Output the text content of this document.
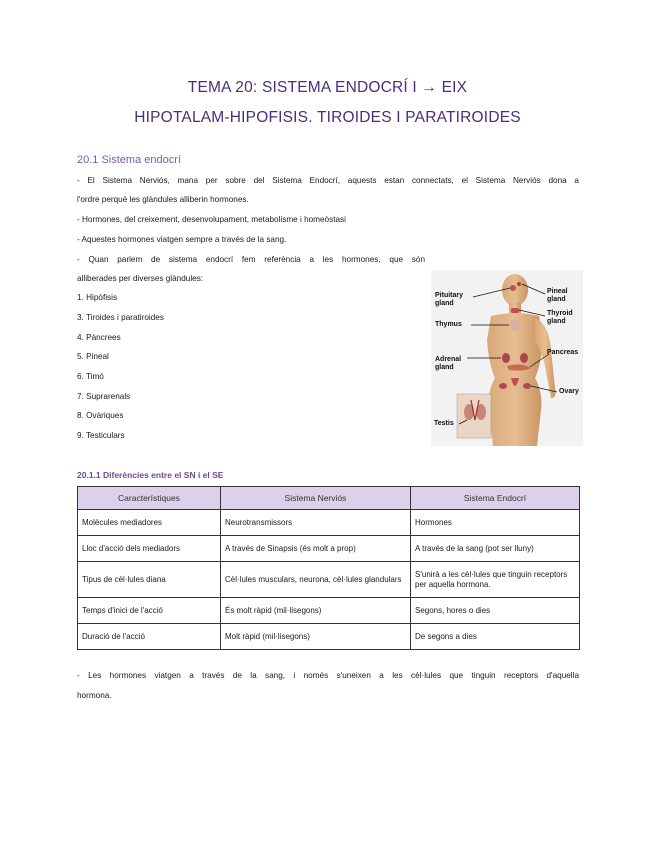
TEMA 20: SISTEMA ENDOCRÍ I → EIX
HIPOTALAM-HIPOFISIS. TIROIDES I PARATIROIDES
20.1 Sistema endocrí
- El Sistema Nerviós, mana per sobre del Sistema Endocrí, aquests estan connectats, el Sistema Nerviós dona a
l'ordre perquè les glàndules alliberin hormones.
- Hormones, del creixement, desenvolupament, metabolisme i homeòstasi
- Aquestes hormones viatgen sempre a través de la sang.
- Quan parlem de sistema endocrí fem referència a les hormones, que són
alliberades per diverses glàndules:
1. Hipòfisis
3. Tiroides i paratiroides
4. Pàncrees
5. Pineal
6. Timó
7. Suprarenals
8. Ovàriques
9. Testiculars
Pituitary
gland
Thymus
Adrenal
gland
Testis
Pineal
gland
Thyroid
gland
Pancreas
Ovary
20.1.1 Diferències entre el SN i el SE
Característiques	Sistema Nerviós	Sistema Endocrí
Molècules mediadores	Neurotransmissors	Hormones
Lloc d'acció dels mediadors	A través de Sinapsis (és molt a prop)	A través de la sang (pot ser lluny)
Tipus de cèl·lules diana	Cèl·lules musculars, neurona, cèl·lules glandulars	S'unirà a les cèl·lules que tinguin receptors per aquella hormona.
Temps d'inici de l'acció	És molt ràpid (mil·lisegons)	Segons, hores o dies
Duració de l'acció	Molt ràpid (mil·lisegons)	De segons a dies
- Les hormones viatgen a través de la sang, i només s'uneixen a les cèl·lules que tinguin receptors d'aquella
hormona.
